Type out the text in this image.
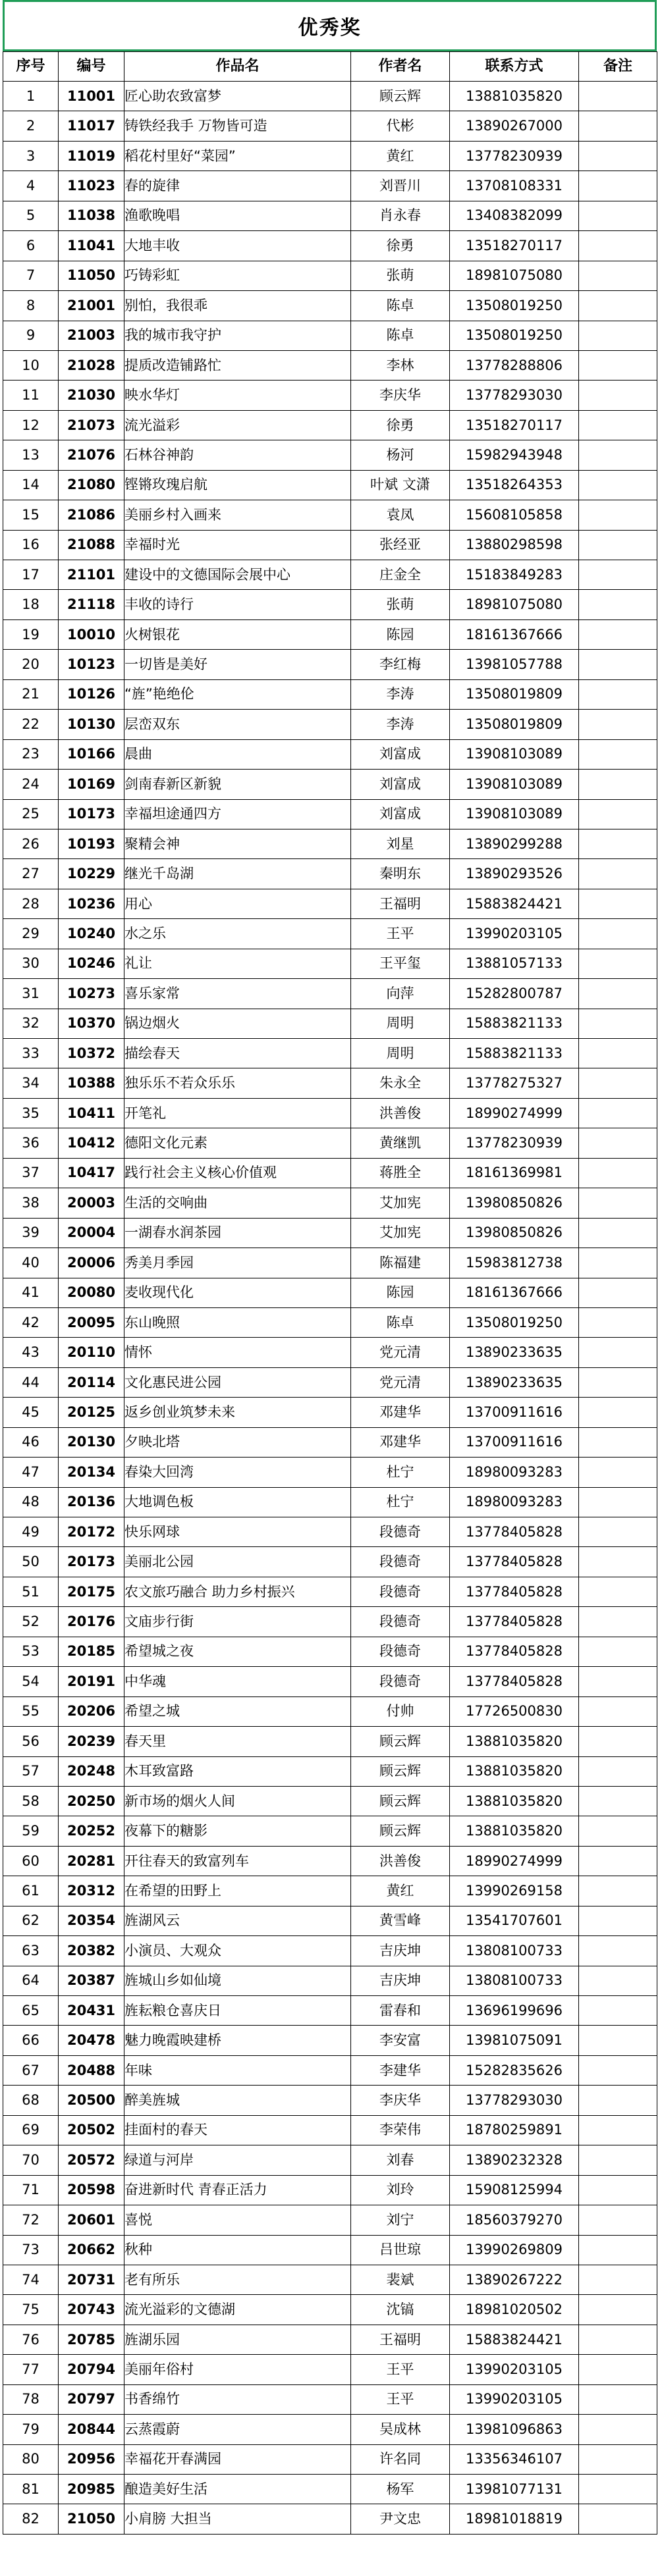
优秀奖
序号	编号	作品名	作者名	联系方式	备注
1	11001	匠心助农致富梦	顾云辉	13881035820	
2	11017	铸铁经我手 万物皆可造	代彬	13890267000	
3	11019	稻花村里好“菜园”	黄红	13778230939	
4	11023	春的旋律	刘晋川	13708108331	
5	11038	渔歌晚唱	肖永春	13408382099	
6	11041	大地丰收	徐勇	13518270117	
7	11050	巧铸彩虹	张萌	18981075080	
8	21001	别怕，我很乖	陈卓	13508019250	
9	21003	我的城市我守护	陈卓	13508019250	
10	21028	提质改造铺路忙	李林	13778288806	
11	21030	映水华灯	李庆华	13778293030	
12	21073	流光溢彩	徐勇	13518270117	
13	21076	石林谷神韵	杨河	15982943948	
14	21080	铿锵玫瑰启航	叶斌 文潇	13518264353	
15	21086	美丽乡村入画来	袁凤	15608105858	
16	21088	幸福时光	张经亚	13880298598	
17	21101	建设中的文德国际会展中心	庄金全	15183849283	
18	21118	丰收的诗行	张萌	18981075080	
19	10010	火树银花	陈园	18161367666	
20	10123	一切皆是美好	李红梅	13981057788	
21	10126	“旌”艳绝伦	李涛	13508019809	
22	10130	层峦双东	李涛	13508019809	
23	10166	晨曲	刘富成	13908103089	
24	10169	剑南春新区新貌	刘富成	13908103089	
25	10173	幸福坦途通四方	刘富成	13908103089	
26	10193	聚精会神	刘星	13890299288	
27	10229	继光千岛湖	秦明东	13890293526	
28	10236	用心	王福明	15883824421	
29	10240	水之乐	王平	13990203105	
30	10246	礼让	王平玺	13881057133	
31	10273	喜乐家常	向萍	15282800787	
32	10370	锅边烟火	周明	15883821133	
33	10372	描绘春天	周明	15883821133	
34	10388	独乐乐不若众乐乐	朱永全	13778275327	
35	10411	开笔礼	洪善俊	18990274999	
36	10412	德阳文化元素	黄继凯	13778230939	
37	10417	践行社会主义核心价值观	蒋胜全	18161369981	
38	20003	生活的交响曲	艾加宪	13980850826	
39	20004	一湖春水润茶园	艾加宪	13980850826	
40	20006	秀美月季园	陈福建	15983812738	
41	20080	麦收现代化	陈园	18161367666	
42	20095	东山晚照	陈卓	13508019250	
43	20110	情怀	党元清	13890233635	
44	20114	文化惠民进公园	党元清	13890233635	
45	20125	返乡创业筑梦未来	邓建华	13700911616	
46	20130	夕映北塔	邓建华	13700911616	
47	20134	春染大回湾	杜宁	18980093283	
48	20136	大地调色板	杜宁	18980093283	
49	20172	快乐网球	段德奇	13778405828	
50	20173	美丽北公园	段德奇	13778405828	
51	20175	农文旅巧融合 助力乡村振兴	段德奇	13778405828	
52	20176	文庙步行街	段德奇	13778405828	
53	20185	希望城之夜	段德奇	13778405828	
54	20191	中华魂	段德奇	13778405828	
55	20206	希望之城	付帅	17726500830	
56	20239	春天里	顾云辉	13881035820	
57	20248	木耳致富路	顾云辉	13881035820	
58	20250	新市场的烟火人间	顾云辉	13881035820	
59	20252	夜幕下的糖影	顾云辉	13881035820	
60	20281	开往春天的致富列车	洪善俊	18990274999	
61	20312	在希望的田野上	黄红	13990269158	
62	20354	旌湖风云	黄雪峰	13541707601	
63	20382	小演员、大观众	吉庆坤	13808100733	
64	20387	旌城山乡如仙境	吉庆坤	13808100733	
65	20431	旌耘粮仓喜庆日	雷春和	13696199696	
66	20478	魅力晚霞映建桥	李安富	13981075091	
67	20488	年味	李建华	15282835626	
68	20500	醉美旌城	李庆华	13778293030	
69	20502	挂面村的春天	李荣伟	18780259891	
70	20572	绿道与河岸	刘春	13890232328	
71	20598	奋进新时代 青春正活力	刘玲	15908125994	
72	20601	喜悦	刘宁	18560379270	
73	20662	秋种	吕世琼	13990269809	
74	20731	老有所乐	裴斌	13890267222	
75	20743	流光溢彩的文德湖	沈镐	18981020502	
76	20785	旌湖乐园	王福明	15883824421	
77	20794	美丽年俗村	王平	13990203105	
78	20797	书香绵竹	王平	13990203105	
79	20844	云蒸霞蔚	吴成林	13981096863	
80	20956	幸福花开春满园	许名同	13356346107	
81	20985	酿造美好生活	杨军	13981077131	
82	21050	小肩膀 大担当	尹文忠	18981018819	
